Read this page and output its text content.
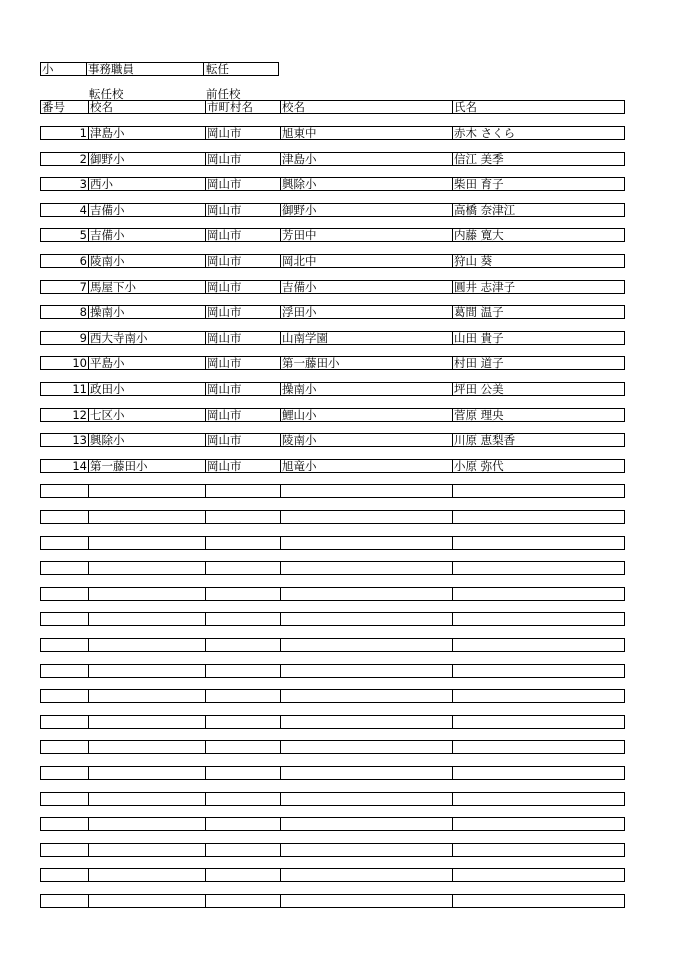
小	事務職員	転任
転任校	前任校
番号	校名	市町村名	校名	氏名
1 津島小	岡山市	旭東中	赤木 さくら
2 御野小	岡山市	津島小	信江 美季
3 西小	岡山市	興除小	柴田 育子
4 吉備小	岡山市	御野小	高橋 奈津江
5 吉備小	岡山市	芳田中	内藤 寛大
6 陵南小	岡山市	岡北中	狩山 葵
7 馬屋下小	岡山市	吉備小	圓井 志津子
8 操南小	岡山市	浮田小	葛間 温子
9 西大寺南小	岡山市	山南学園	山田 貴子
10 平島小	岡山市	第一藤田小	村田 道子
11 政田小	岡山市	操南小	坪田 公美
12 七区小	岡山市	鯉山小	菅原 理央
13 興除小	岡山市	陵南小	川原 恵梨香
14 第一藤田小	岡山市	旭竜小	小原 弥代
